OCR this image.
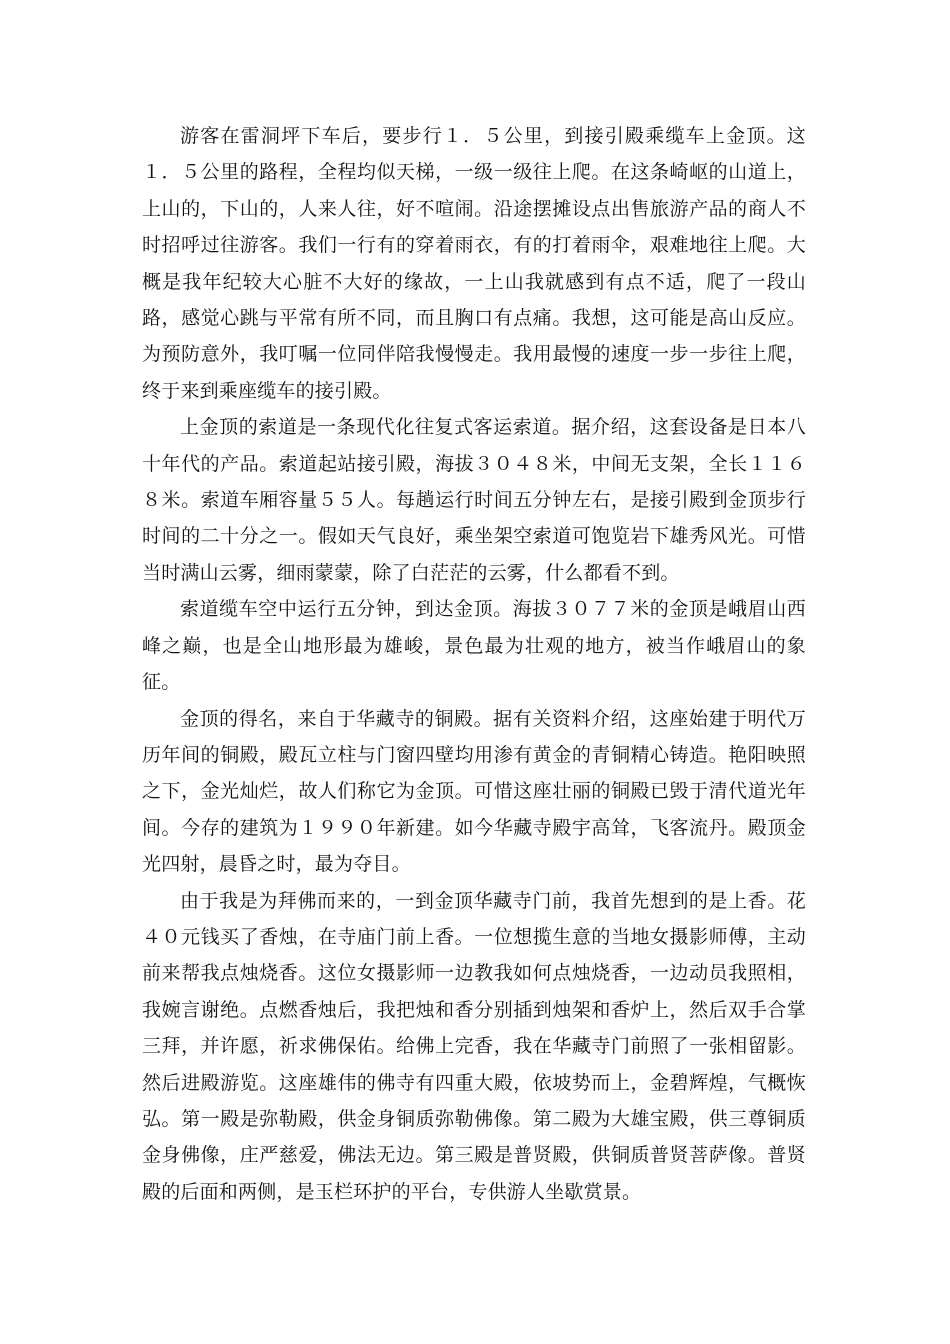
游客在雷洞坪下车后，要步行１．５公里，到接引殿乘缆车上金顶。这１．５公里的路程，全程均似天梯，一级一级往上爬。在这条崎岖的山道上，上山的，下山的，人来人往，好不喧闹。沿途摆摊设点出售旅游产品的商人不时招呼过往游客。我们一行有的穿着雨衣，有的打着雨伞，艰难地往上爬。大概是我年纪较大心脏不大好的缘故，一上山我就感到有点不适，爬了一段山路，感觉心跳与平常有所不同，而且胸口有点痛。我想，这可能是高山反应。为预防意外，我叮嘱一位同伴陪我慢慢走。我用最慢的速度一步一步往上爬，终于来到乘座缆车的接引殿。

上金顶的索道是一条现代化往复式客运索道。据介绍，这套设备是日本八十年代的产品。索道起站接引殿，海拔３０４８米，中间无支架，全长１１６８米。索道车厢容量５５人。每趟运行时间五分钟左右，是接引殿到金顶步行时间的二十分之一。假如天气良好，乘坐架空索道可饱览岩下雄秀风光。可惜当时满山云雾，细雨蒙蒙，除了白茫茫的云雾，什么都看不到。

索道缆车空中运行五分钟，到达金顶。海拔３０７７米的金顶是峨眉山西峰之巅，也是全山地形最为雄峻，景色最为壮观的地方，被当作峨眉山的象征。

金顶的得名，来自于华藏寺的铜殿。据有关资料介绍，这座始建于明代万历年间的铜殿，殿瓦立柱与门窗四壁均用渗有黄金的青铜精心铸造。艳阳映照之下，金光灿烂，故人们称它为金顶。可惜这座壮丽的铜殿已毁于清代道光年间。今存的建筑为１９９０年新建。如今华藏寺殿宇高耸，飞客流丹。殿顶金光四射，晨昏之时，最为夺目。

由于我是为拜佛而来的，一到金顶华藏寺门前，我首先想到的是上香。花４０元钱买了香烛，在寺庙门前上香。一位想揽生意的当地女摄影师傅，主动前来帮我点烛烧香。这位女摄影师一边教我如何点烛烧香，一边动员我照相，我婉言谢绝。点燃香烛后，我把烛和香分别插到烛架和香炉上，然后双手合掌三拜，并许愿，祈求佛保佑。给佛上完香，我在华藏寺门前照了一张相留影。然后进殿游览。这座雄伟的佛寺有四重大殿，依坡势而上，金碧辉煌，气概恢弘。第一殿是弥勒殿，供金身铜质弥勒佛像。第二殿为大雄宝殿，供三尊铜质金身佛像，庄严慈爱，佛法无边。第三殿是普贤殿，供铜质普贤菩萨像。普贤殿的后面和两侧，是玉栏环护的平台，专供游人坐歇赏景。
